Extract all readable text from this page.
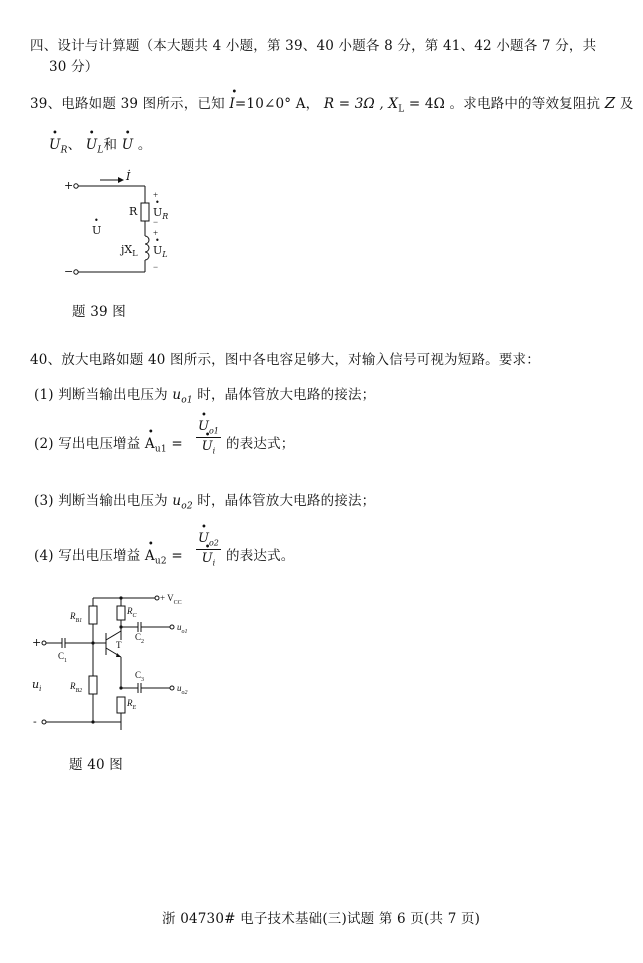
四、设计与计算题（本大题共 4 小题，第 39、40 小题各 8 分，第 41、42 小题各 7 分，共
30 分）
39、电路如题 39 图所示，已知 I
•
=10∠0° A， R = 3Ω , $X_L = 4\Omega$ 。求电路中的等效复阻抗 Z 及
U
•
$_R$、 U
•
$_L$和 U
•
。
+
−
İ
U
•
R
$jX_L$
+
U
•
$_R$
−
+
U
•
$_L$
−
题 39 图
40、放大电路如题 40 图所示，图中各电容足够大，对输入信号可视为短路。要求：
(1) 判断当输出电压为 $u_{o1}$ 时，晶体管放大电路的接法；
(2) 写出电压增益 A
•
$_{u1}$ =
U
•
$_{o1}$
U
•
$_i$ 的表达式；
(3) 判断当输出电压为 $u_{o2}$ 时，晶体管放大电路的接法；
(4) 写出电压增益 A
•
$_{u2}$ =
U
•
$_{o2}$
U
•
$_i$ 的表达式。
+ $V_{CC}$
$R_{B1}$
$R_{B2}$
$R_C$
$R_E$
$C_1$
$C_2$
$C_3$
T
$u_{o1}$
$u_{o2}$
$u_i$
+
-
题 40 图
浙 04730# 电子技术基础(三)试题 第 6 页(共 7 页)
